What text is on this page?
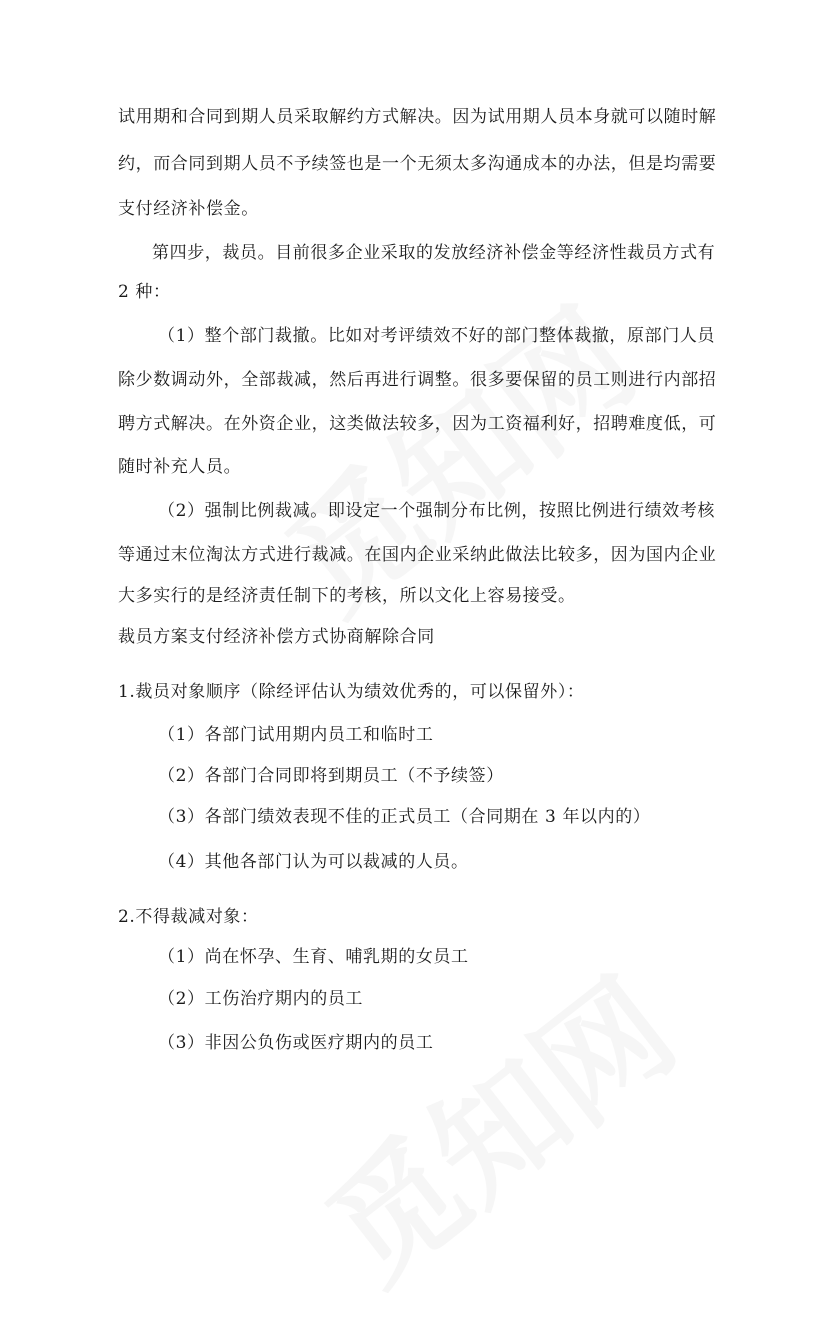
试用期和合同到期人员采取解约方式解决。因为试用期人员本身就可以随时解
约，而合同到期人员不予续签也是一个无须太多沟通成本的办法，但是均需要
支付经济补偿金。
第四步，裁员。目前很多企业采取的发放经济补偿金等经济性裁员方式有
2 种：
（1）整个部门裁撤。比如对考评绩效不好的部门整体裁撤，原部门人员
除少数调动外，全部裁减，然后再进行调整。很多要保留的员工则进行内部招
聘方式解决。在外资企业，这类做法较多，因为工资福利好，招聘难度低，可
随时补充人员。
（2）强制比例裁减。即设定一个强制分布比例，按照比例进行绩效考核
等通过末位淘汰方式进行裁减。在国内企业采纳此做法比较多，因为国内企业
大多实行的是经济责任制下的考核，所以文化上容易接受。
裁员方案支付经济补偿方式协商解除合同
1.裁员对象顺序（除经评估认为绩效优秀的，可以保留外）：
（1）各部门试用期内员工和临时工
（2）各部门合同即将到期员工（不予续签）
（3）各部门绩效表现不佳的正式员工（合同期在 3 年以内的）
（4）其他各部门认为可以裁减的人员。
2.不得裁减对象：
（1）尚在怀孕、生育、哺乳期的女员工
（2）工伤治疗期内的员工
（3）非因公负伤或医疗期内的员工
